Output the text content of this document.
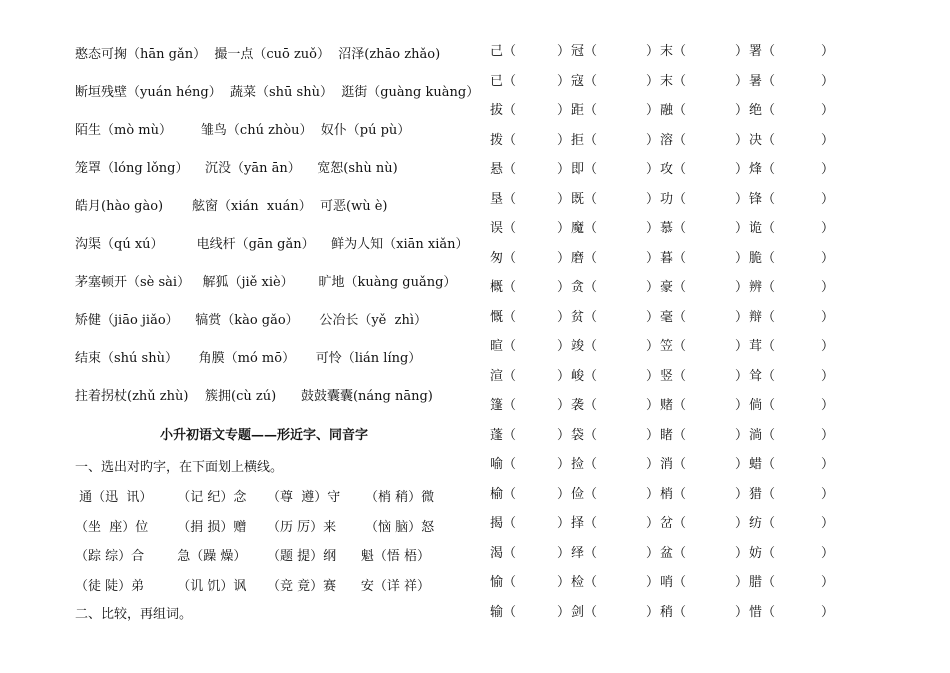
憨态可掬（hān gǎn）  撮一点（cuō zuǒ）  沼泽(zhāo zhǎo)
断垣残壁（yuán héng）  蔬菜（shū shù）  逛街（guàng kuàng）
陌生（mò mù）       雏鸟（chú zhòu）  奴仆（pú pù）
笼罩（lóng lǒng）    沉没（yān ān）    宽恕(shù nù)
皓月(hào gào)       舷窗（xián  xuán）  可恶(wù è)
沟渠（qú xú）        电线杆（gān gǎn）    鲜为人知（xiān xiǎn）
茅塞顿开（sè sài）   解狐（jiě xiè）      旷地（kuàng guǎng）
矫健（jiāo jiǎo）    犒赏（kào gǎo）     公冶长（yě  zhì）
结束（shú shù）     角膜（mó mō）     可怜（lián líng）
拄着拐杖(zhǔ zhù)    簇拥(cù zú)      鼓鼓囊囊(náng nāng)
小升初语文专题——形近字、同音字
一、选出对旳字，在下面划上横线。
通（迅  讯）      （记 纪）念     （尊  遵）守      （梢 稍）微
（坐  座）位       （捐 损）赠     （历 厉）来       （恼 脑）怒
（踪 综）合        急（躁 燥）     （题 提）纲      魁（悟 梧）
（徒 陡）弟        （讥 饥）讽     （竞 竟）赛      安（详 祥）
二、比较，再组词。
己（	） 冠（	） 末（	） 署（	）
已（	） 寇（	） 末（	） 暑（	）
拔（	） 距（	） 融（	） 绝（	）
拨（	） 拒（	） 溶（	） 决（	）
悬（	） 即（	） 攻（	） 烽（	）
垦（	） 既（	） 功（	） 锋（	）
误（	） 魔（	） 慕（	） 诡（	）
匆（	） 磨（	） 暮（	） 脆（	）
概（	） 贪（	） 豪（	） 辨（	）
慨（	） 贫（	） 毫（	） 辩（	）
暄（	） 竣（	） 笠（	） 茸（	）
渲（	） 峻（	） 竖（	） 耸（	）
篷（	） 袭（	） 赌（	） 倘（	）
蓬（	） 袋（	） 睹（	） 淌（	）
喻（	） 捡（	） 消（	） 蜡（	）
榆（	） 俭（	） 梢（	） 猎（	）
揭（	） 择（	） 岔（	） 纺（	）
渴（	） 绎（	） 盆（	） 妨（	）
愉（	） 检（	） 哨（	） 腊（	）
输（	） 剑（	） 稍（	） 惜（	）
